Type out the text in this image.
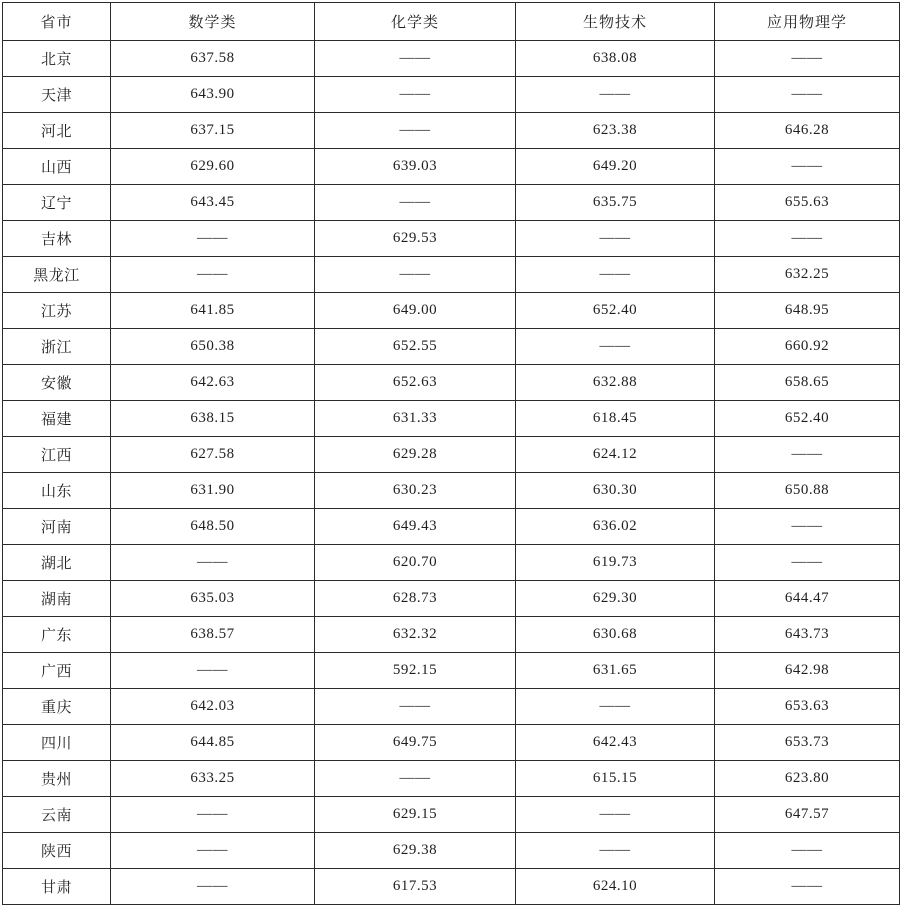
省市	数学类	化学类	生物技术	应用物理学
北京	637.58	——	638.08	——
天津	643.90	——	——	——
河北	637.15	——	623.38	646.28
山西	629.60	639.03	649.20	——
辽宁	643.45	——	635.75	655.63
吉林	——	629.53	——	——
黑龙江	——	——	——	632.25
江苏	641.85	649.00	652.40	648.95
浙江	650.38	652.55	——	660.92
安徽	642.63	652.63	632.88	658.65
福建	638.15	631.33	618.45	652.40
江西	627.58	629.28	624.12	——
山东	631.90	630.23	630.30	650.88
河南	648.50	649.43	636.02	——
湖北	——	620.70	619.73	——
湖南	635.03	628.73	629.30	644.47
广东	638.57	632.32	630.68	643.73
广西	——	592.15	631.65	642.98
重庆	642.03	——	——	653.63
四川	644.85	649.75	642.43	653.73
贵州	633.25	——	615.15	623.80
云南	——	629.15	——	647.57
陕西	——	629.38	——	——
甘肃	——	617.53	624.10	——
